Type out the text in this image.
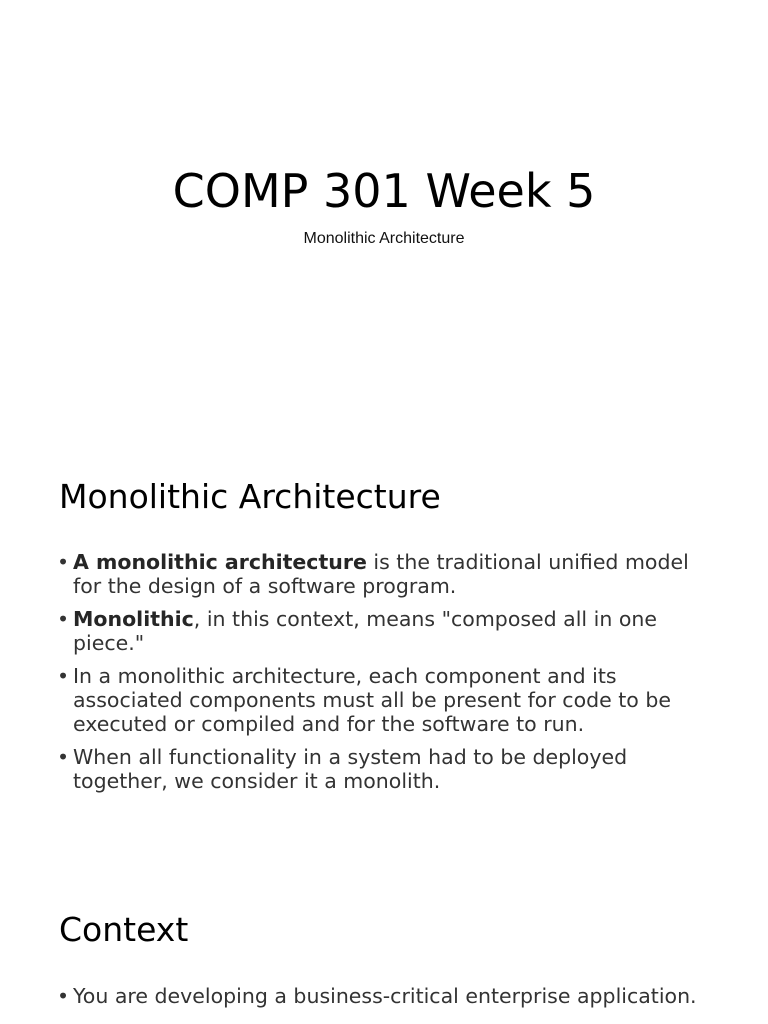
COMP 301 Week 5
Monolithic Architecture
Monolithic Architecture
• A monolithic architecture is the traditional unified model for the design of a software program.
• Monolithic, in this context, means "composed all in one piece."
• In a monolithic architecture, each component and its associated components must all be present for code to be executed or compiled and for the software to run.
• When all functionality in a system had to be deployed together, we consider it a monolith.
Context
• You are developing a business-critical enterprise application.
